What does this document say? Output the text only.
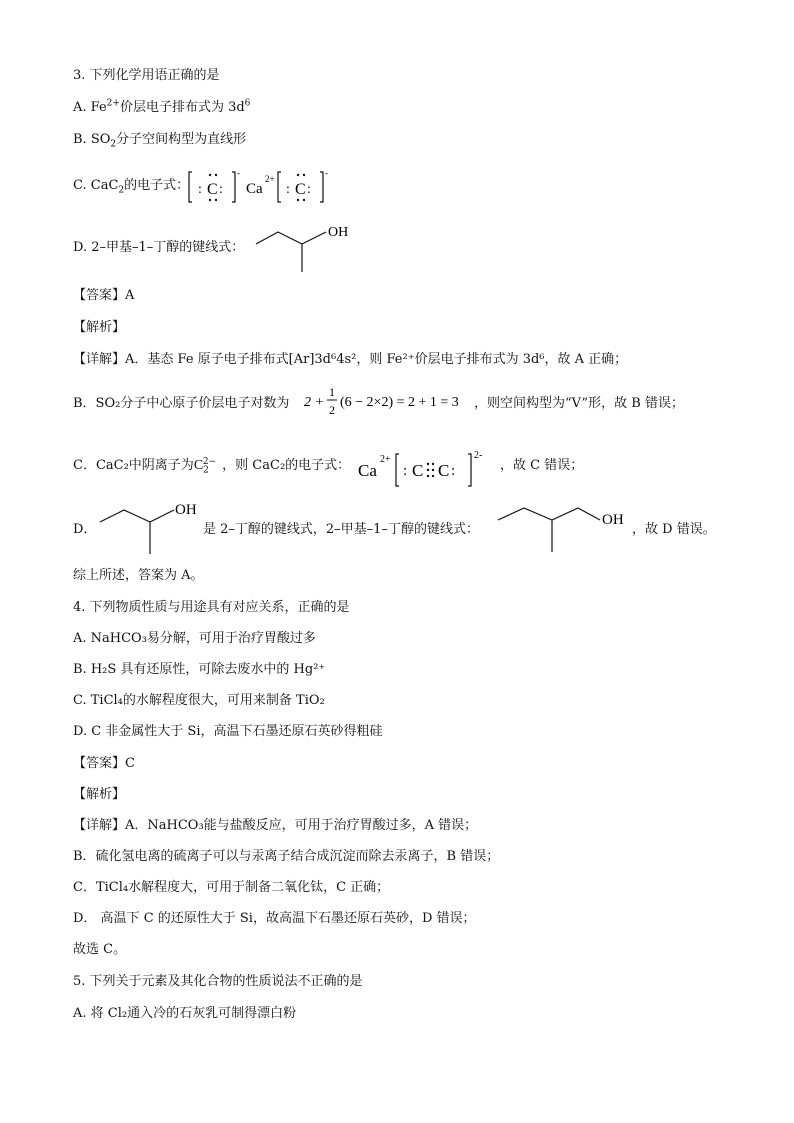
3. 下列化学用语正确的是
A. $Fe^{2+}$价层电子排布式为 $3d^6$
B. $SO_2$分子空间构型为直线形
C. CaC$_2$的电子式： : C :
-
Ca
2+
: C :
-
D. 2–甲基–1–丁醇的键线式：
OH
【答案】A
【解析】
【详解】A．基态 Fe 原子电子排布式[Ar]3d⁶4s²，则 Fe²⁺价层电子排布式为 3d⁶，故 A 正确；
B．SO₂分子中心原子价层电子对数为 2 +
1
2 (6 − 2×2) = 2 + 1 = 3 ，则空间构型为“V”形，故 B 错误；
C．CaC₂中阴离子为$C_2^{2-}$ ，则 CaC₂的电子式： Ca
2+
: C C :
2-
，故 C 错误；
D．
OH
是 2–丁醇的键线式，2–甲基–1–丁醇的键线式：
OH
，故 D 错误。
综上所述，答案为 A。
4. 下列物质性质与用途具有对应关系，正确的是
A. NaHCO₃易分解，可用于治疗胃酸过多
B. H₂S 具有还原性，可除去废水中的 Hg²⁺
C. TiCl₄的水解程度很大，可用来制备 TiO₂
D. C 非金属性大于 Si，高温下石墨还原石英砂得粗硅
【答案】C
【解析】
【详解】A．NaHCO₃能与盐酸反应，可用于治疗胃酸过多，A 错误；
B．硫化氢电离的硫离子可以与汞离子结合成沉淀而除去汞离子，B 错误；
C．TiCl₄水解程度大，可用于制备二氧化钛，C 正确；
D． 高温下 C 的还原性大于 Si，故高温下石墨还原石英砂，D 错误；
故选 C。
5. 下列关于元素及其化合物的性质说法不正确的是
A. 将 Cl₂通入冷的石灰乳可制得漂白粉
